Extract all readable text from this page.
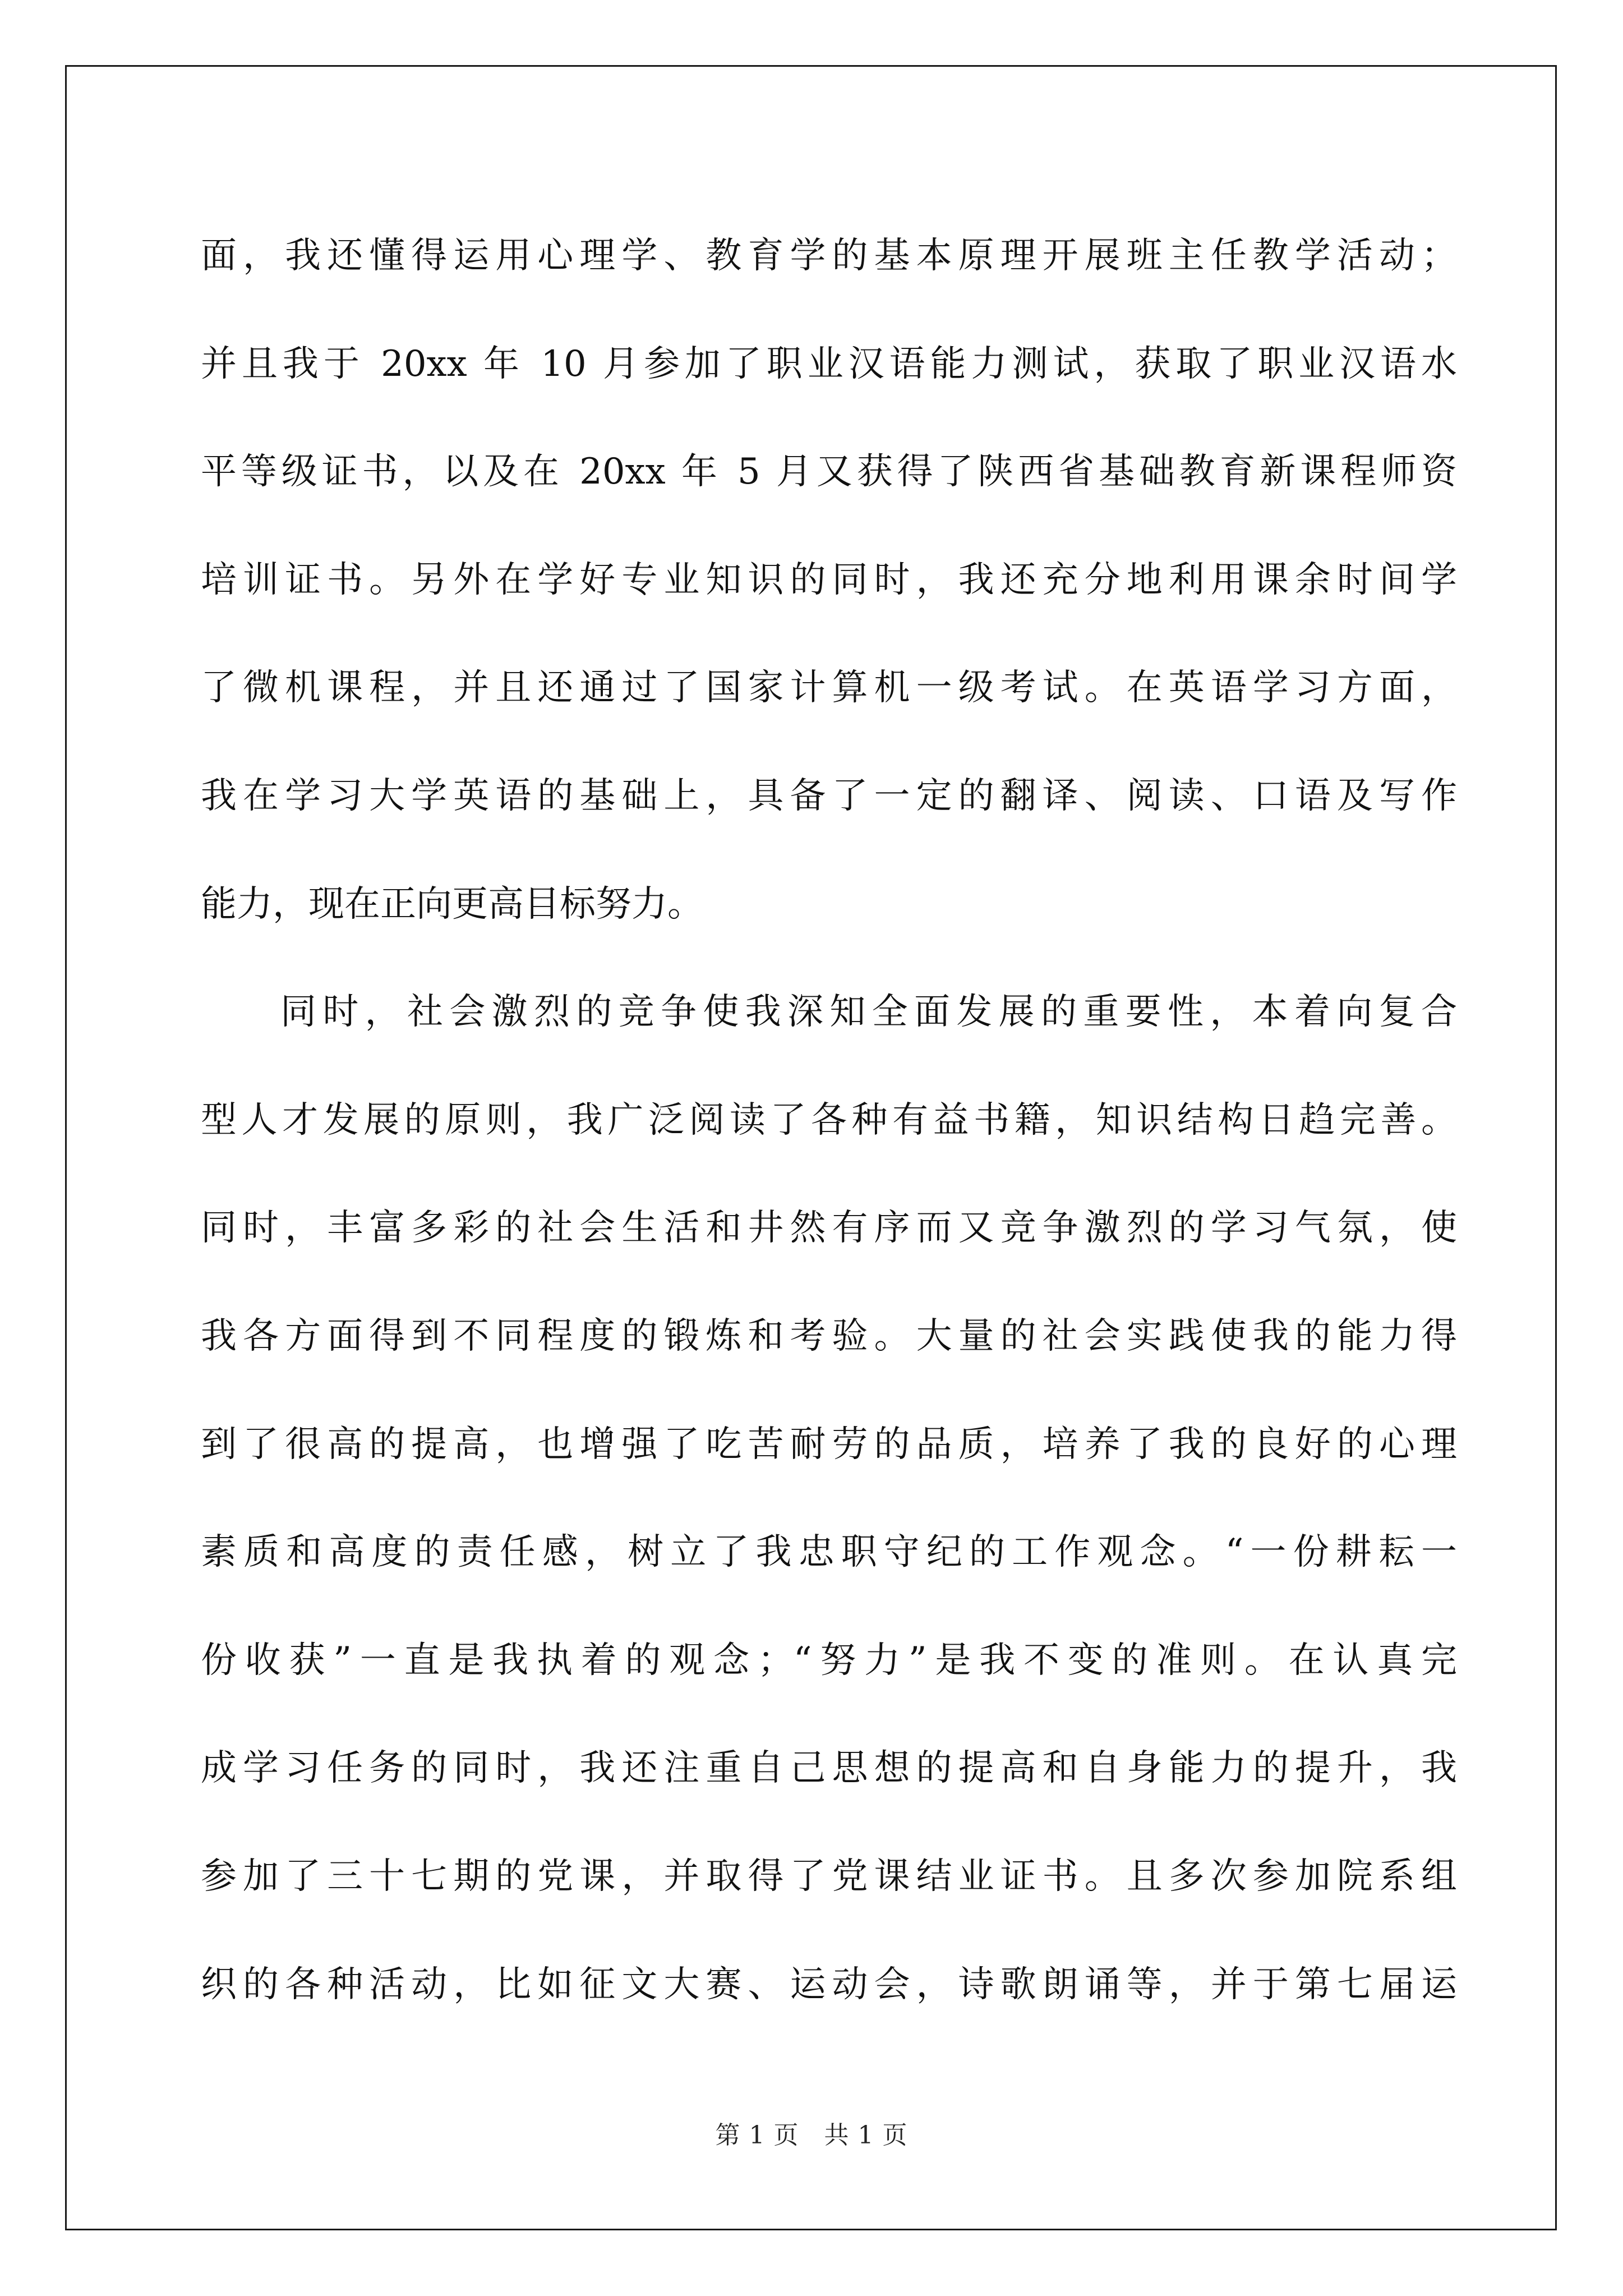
面，我还懂得运用心理学、教育学的基本原理开展班主任教学活动；
并且我于 20xx 年 10 月参加了职业汉语能力测试，获取了职业汉语水
平等级证书，以及在 20xx 年 5 月又获得了陕西省基础教育新课程师资
培训证书。另外在学好专业知识的同时，我还充分地利用课余时间学
了微机课程，并且还通过了国家计算机一级考试。在英语学习方面，
我在学习大学英语的基础上，具备了一定的翻译、阅读、口语及写作
能力，现在正向更高目标努力。
同时，社会激烈的竞争使我深知全面发展的重要性，本着向复合
型人才发展的原则，我广泛阅读了各种有益书籍，知识结构日趋完善。
同时，丰富多彩的社会生活和井然有序而又竞争激烈的学习气氛，使
我各方面得到不同程度的锻炼和考验。大量的社会实践使我的能力得
到了很高的提高，也增强了吃苦耐劳的品质，培养了我的良好的心理
素质和高度的责任感，树立了我忠职守纪的工作观念。“一份耕耘一
份收获”一直是我执着的观念；“努力”是我不变的准则。在认真完
成学习任务的同时，我还注重自己思想的提高和自身能力的提升，我
参加了三十七期的党课，并取得了党课结业证书。且多次参加院系组
织的各种活动，比如征文大赛、运动会，诗歌朗诵等，并于第七届运
第 1 页　共 1 页
